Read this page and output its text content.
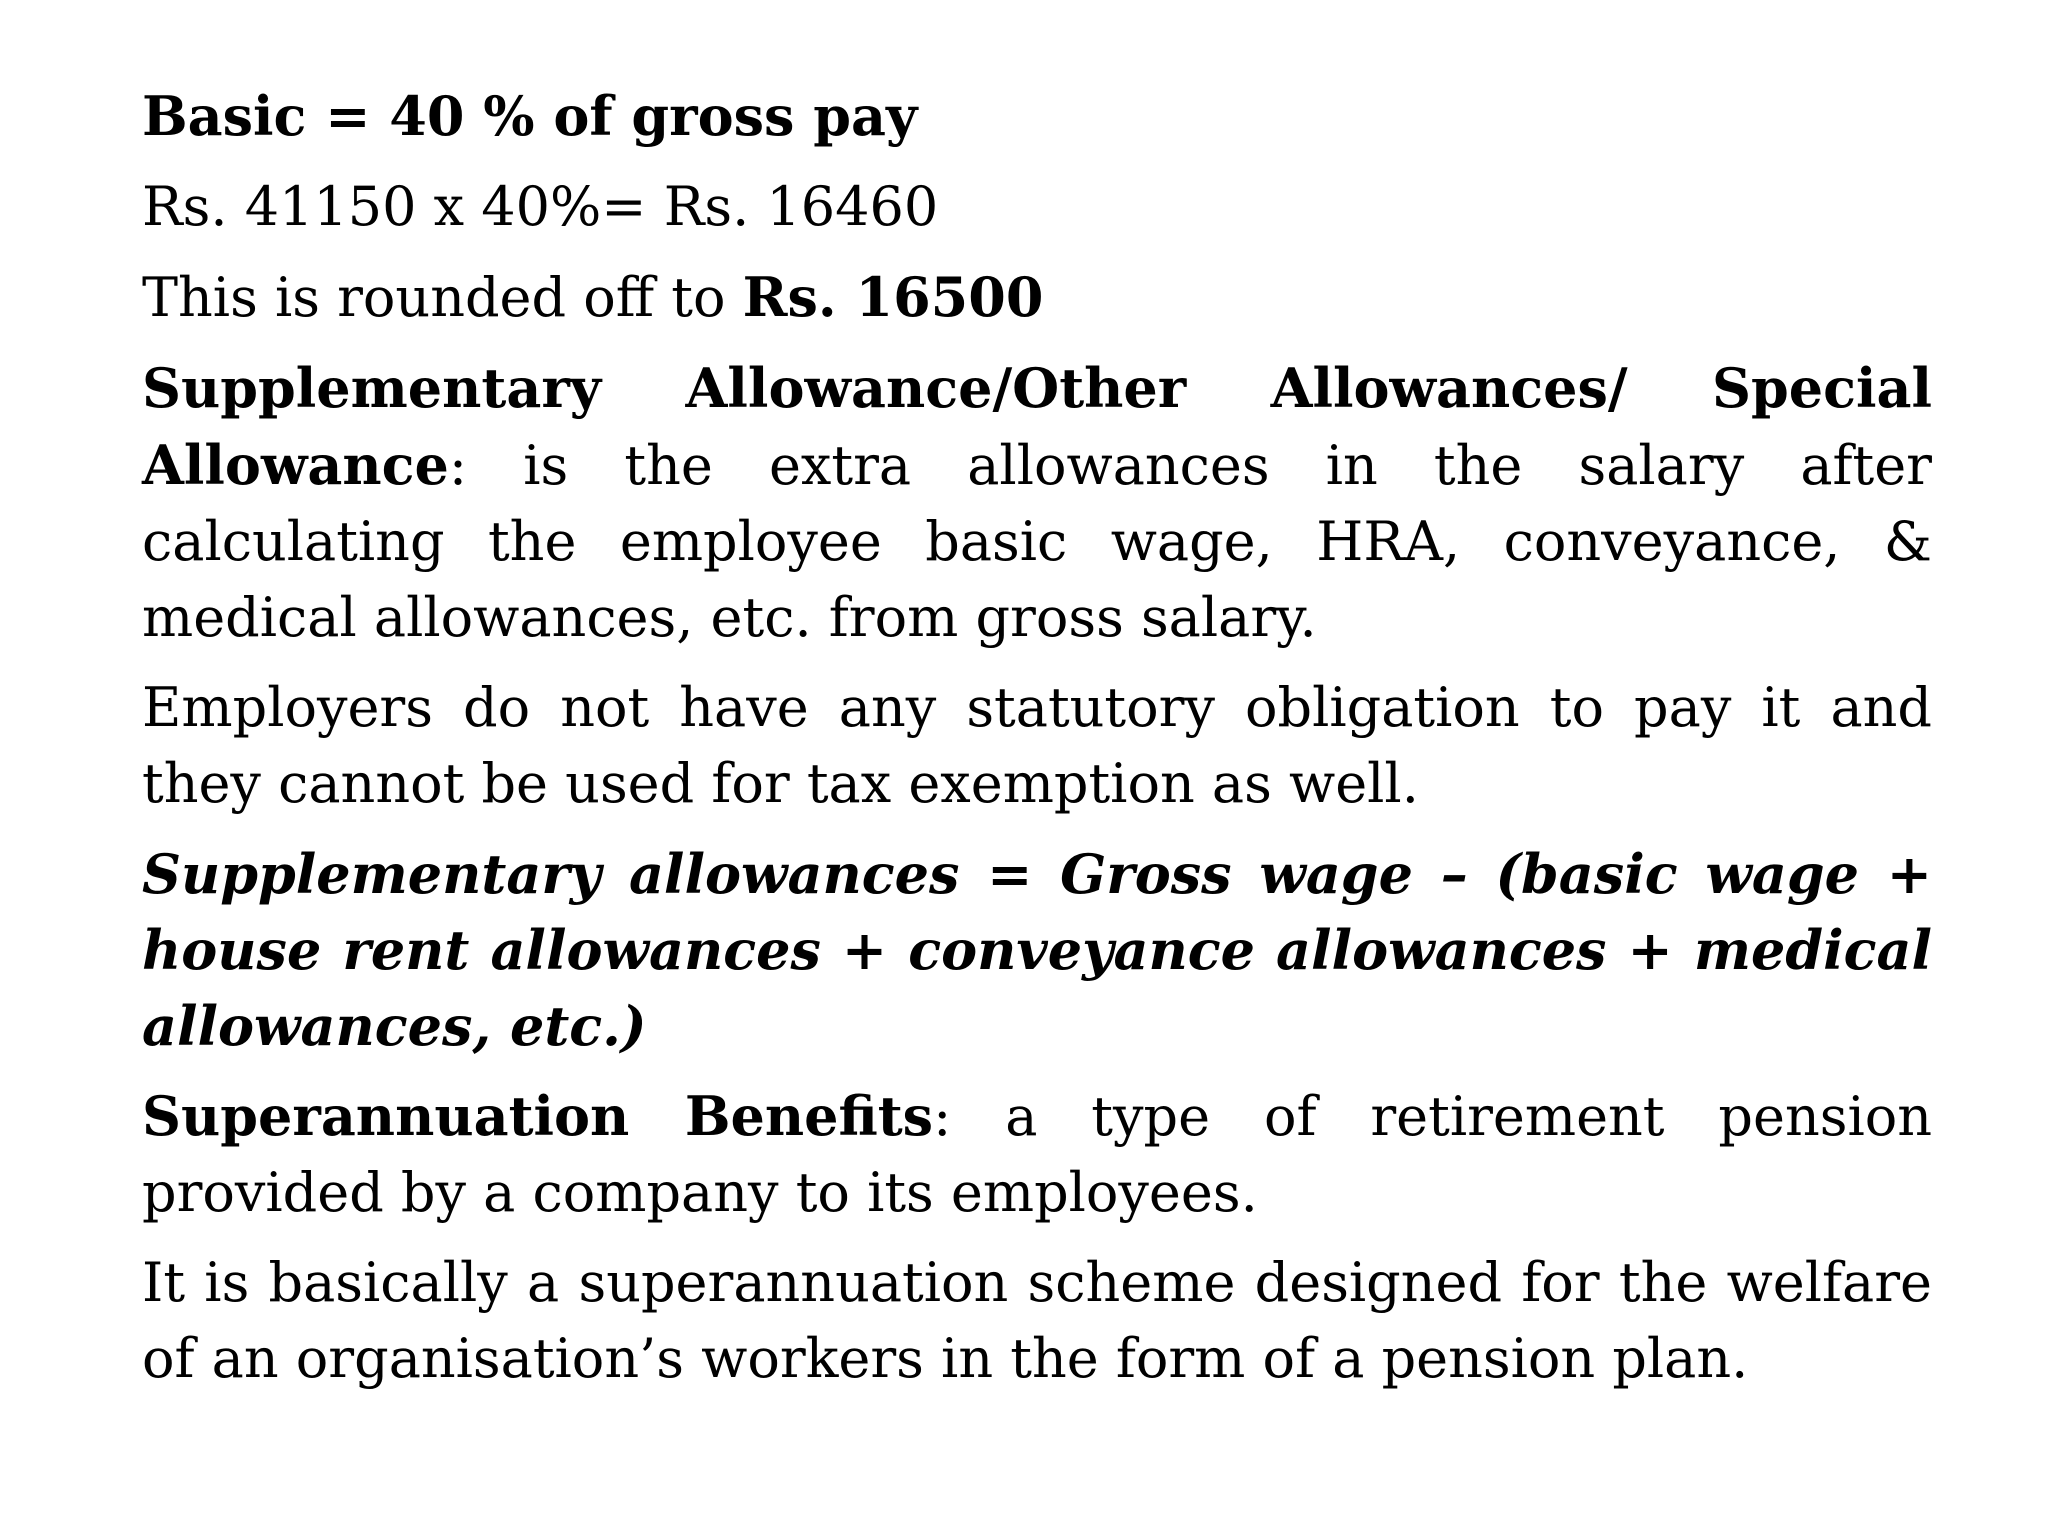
Basic = 40 % of gross pay

Rs. 41150 x 40%= Rs. 16460

This is rounded off to Rs. 16500

Supplementary Allowance/Other Allowances/ Special Allowance: is the extra allowances in the salary after calculating the employee basic wage, HRA, conveyance, & medical allowances, etc. from gross salary.

Employers do not have any statutory obligation to pay it and they cannot be used for tax exemption as well.

Supplementary allowances = Gross wage – (basic wage + house rent allowances + conveyance allowances + medical allowances, etc.)

Superannuation Benefits: a type of retirement pension provided by a company to its employees.

It is basically a superannuation scheme designed for the welfare of an organisation’s workers in the form of a pension plan.
